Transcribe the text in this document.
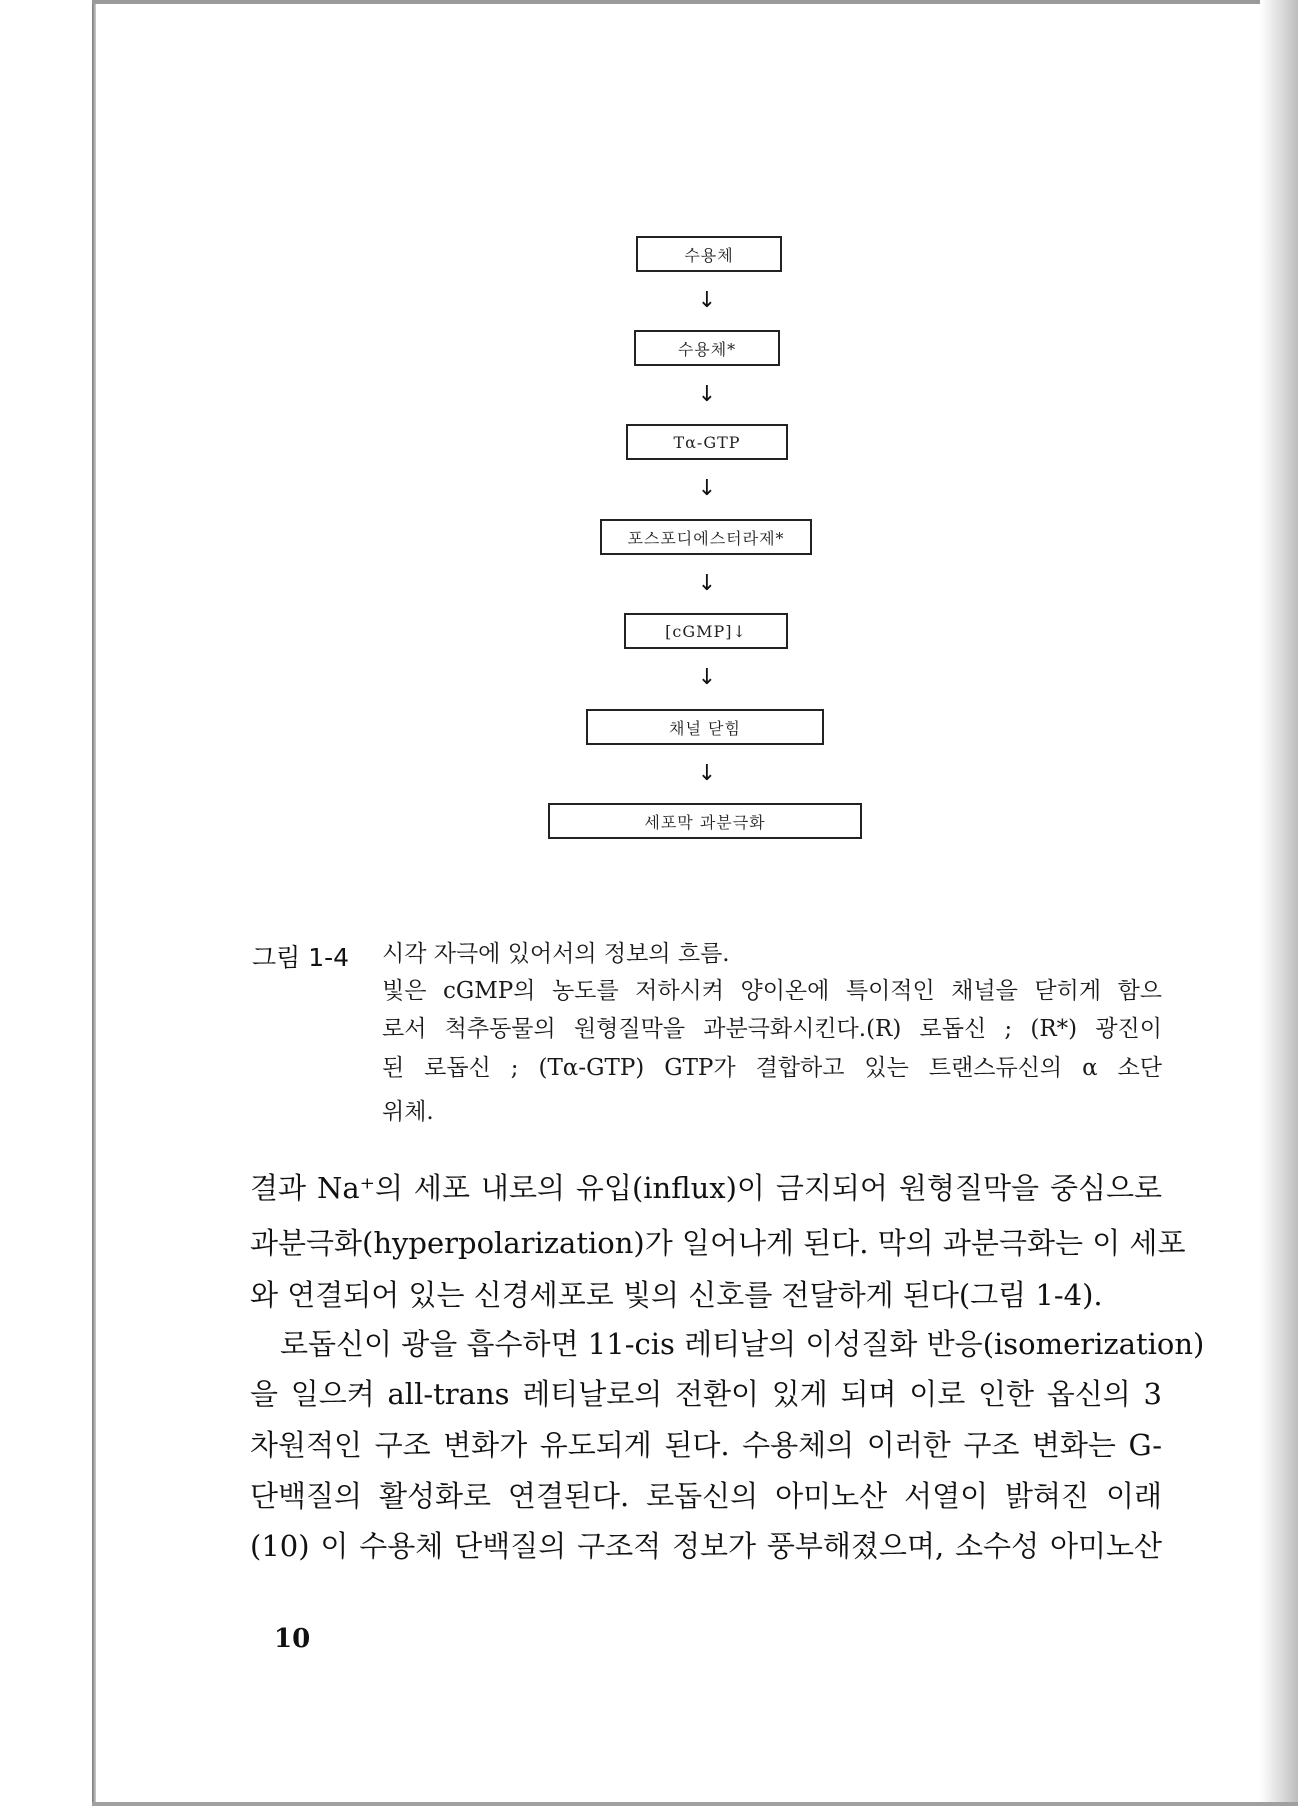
수용체
↓
수용체*
↓
Tα-GTP
↓
포스포디에스터라제*
↓
[cGMP]↓
↓
채널 닫힘
↓
세포막 과분극화
그림 1-4 시각 자극에 있어서의 정보의 흐름.
빛은 cGMP의 농도를 저하시켜 양이온에 특이적인 채널을 닫히게 함으
로서 척추동물의 원형질막을 과분극화시킨다.(R) 로돕신 ; (R*) 광진이
된 로돕신 ; (Tα-GTP) GTP가 결합하고 있는 트랜스듀신의 α 소단
위체.
결과 Na⁺의 세포 내로의 유입(influx)이 금지되어 원형질막을 중심으로
과분극화(hyperpolarization)가 일어나게 된다. 막의 과분극화는 이 세포
와 연결되어 있는 신경세포로 빛의 신호를 전달하게 된다(그림 1-4).
로돕신이 광을 흡수하면 11-cis 레티날의 이성질화 반응(isomerization)
을 일으켜 all-trans 레티날로의 전환이 있게 되며 이로 인한 옵신의 3
차원적인 구조 변화가 유도되게 된다. 수용체의 이러한 구조 변화는 G-
단백질의 활성화로 연결된다. 로돕신의 아미노산 서열이 밝혀진 이래
(10) 이 수용체 단백질의 구조적 정보가 풍부해졌으며, 소수성 아미노산
10
